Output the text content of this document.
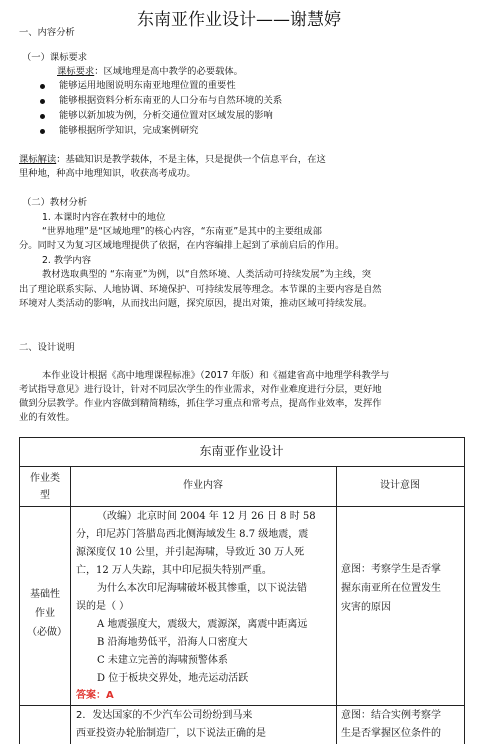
东南亚作业设计——谢慧婷
一、内容分析
（一）课标要求
课标要求：区域地理是高中教学的必要载体。
能够运用地图说明东南亚地理位置的重要性
能够根据资料分析东南亚的人口分布与自然环境的关系
能够以新加坡为例，分析交通位置对区域发展的影响
能够根据所学知识，完成案例研究
课标解读：基础知识是教学载体，不是主体，只是提供一个信息平台，在这
里种地，种高中地理知识，收获高考成功。
（二）教材分析
1. 本课时内容在教材中的地位
“世界地理”是“区域地理”的核心内容，“东南亚”是其中的主要组成部
分。同时又为复习区域地理提供了依据，在内容编排上起到了承前启后的作用。
2. 教学内容
教材选取典型的 “东南亚”为例，以“自然环境、人类活动可持续发展”为主线，突
出了理论联系实际、人地协调、环境保护、可持续发展等理念。本节课的主要内容是自然
环境对人类活动的影响，从而找出问题，探究原因，提出对策，推动区域可持续发展。
二、设计说明
本作业设计根据《高中地理课程标准》（2017 年版）和《福建省高中地理学科教学与
考试指导意见》进行设计，针对不同层次学生的作业需求，对作业难度进行分层，更好地
做到分层教学。作业内容做到精简精练，抓住学习重点和常考点，提高作业效率，发挥作
业的有效性。
东南亚作业设计
作业类型
作业内容	设计意图
基础性作业（必做）
（改编）北京时间 2004 年 12 月 26 日 8 时 58
分，印尼苏门答腊岛西北侧海域发生 8.7 级地震，震
源深度仅 10 公里，并引起海啸，导致近 30 万人死
亡，12 万人失踪，其中印尼损失特别严重。
为什么本次印尼海啸破坏极其惨重，以下说法错
误的是（ ）
A 地震强度大，震级大，震源深，离震中距离远
B 沿海地势低平，沿海人口密度大
C 未建立完善的海啸预警体系
D 位于板块交界处，地壳运动活跃
答案：A
意图：考察学生是否掌
握东南亚所在位置发生
灾害的原因
2．发达国家的不少汽车公司纷纷到马来
西亚投资办轮胎制造厂，以下说法正确的是
意图：结合实例考察学
生是否掌握区位条件的
